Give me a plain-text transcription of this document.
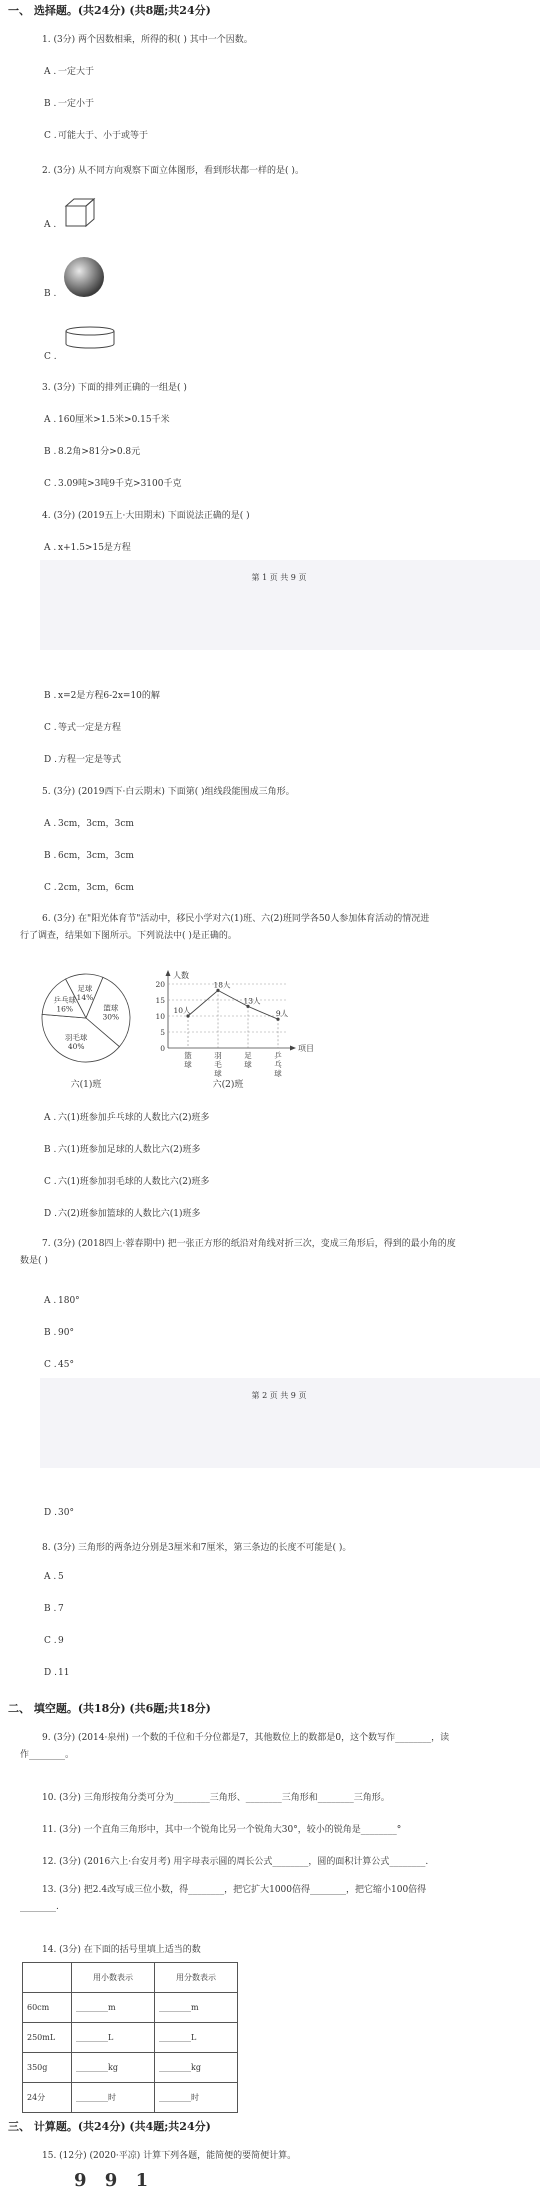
一、 选择题。(共24分) (共8题;共24分)
1. (3分) 两个因数相乘，所得的积( ) 其中一个因数。
A . 一定大于
B . 一定小于
C .可能大于、小于或等于
2. (3分) 从不同方向观察下面立体图形，看到形状都一样的是( )。
A .
B .
C .
3. (3分) 下面的排列正确的一组是( )
A . 160厘米>1.5米>0.15千米
B . 8.2角>81分>0.8元
C .3.09吨>3吨9千克>3100千克
4. (3分) (2019五上·大田期末) 下面说法正确的是( )
A . x+1.5>15是方程
第 1 页 共 9 页
B . x=2是方程6-2x=10的解
C .等式一定是方程
D .方程一定是等式
5. (3分) (2019西下·白云期末) 下面第( )组线段能围成三角形。
A . 3cm，3cm，3cm
B . 6cm，3cm，3cm
C .2cm，3cm，6cm
6. (3分) 在"阳光体育节"活动中，移民小学对六(1)班、六(2)班同学各50人参加体育活动的情况进
行了调查，结果如下图所示。下列说法中( )是正确的。
足球
14%
篮球
30%
羽毛球
40%
乒乓球
16%
六(1)班
人数
项目
0
5
10
15
20
10人
篮
球
18人
羽
毛
球
13人
足
球
9人
乒
乓
球
六(2)班
A . 六(1)班参加乒乓球的人数比六(2)班多
B . 六(1)班参加足球的人数比六(2)班多
C .六(1)班参加羽毛球的人数比六(2)班多
D .六(2)班参加篮球的人数比六(1)班多
7. (3分) (2018四上·蓉春期中) 把一张正方形的纸沿对角线对折三次，变成三角形后，得到的最小角的度
数是( )
A . 180°
B . 90°
C .45°
第 2 页 共 9 页
D .30°
8. (3分) 三角形的两条边分别是3厘米和7厘米，第三条边的长度不可能是( )。
A . 5
B . 7
C .9
D .11
二、 填空题。(共18分) (共6题;共18分)
9. (3分) (2014·泉州) 一个数的千位和千分位都是7，其他数位上的数都是0，这个数写作________，读
作________。
10. (3分) 三角形按角分类可分为________三角形、________三角形和________三角形。
11. (3分) 一个直角三角形中，其中一个锐角比另一个锐角大30°，较小的锐角是________°
12. (3分) (2016六上·台安月考) 用字母表示圆的周长公式________，圆的面积计算公式________.
13. (3分) 把2.4改写成三位小数，得________，把它扩大1000倍得________，把它缩小100倍得
________.
14. (3分) 在下面的括号里填上适当的数
	用小数表示	用分数表示
60cm	________m	________m
250mL	________L	________L
350g	________kg	________kg
24分	________时	________时
三、 计算题。(共24分) (共4题;共24分)
15. (12分) (2020·平凉) 计算下列各题，能简便的要简便计算。
9 9 1
